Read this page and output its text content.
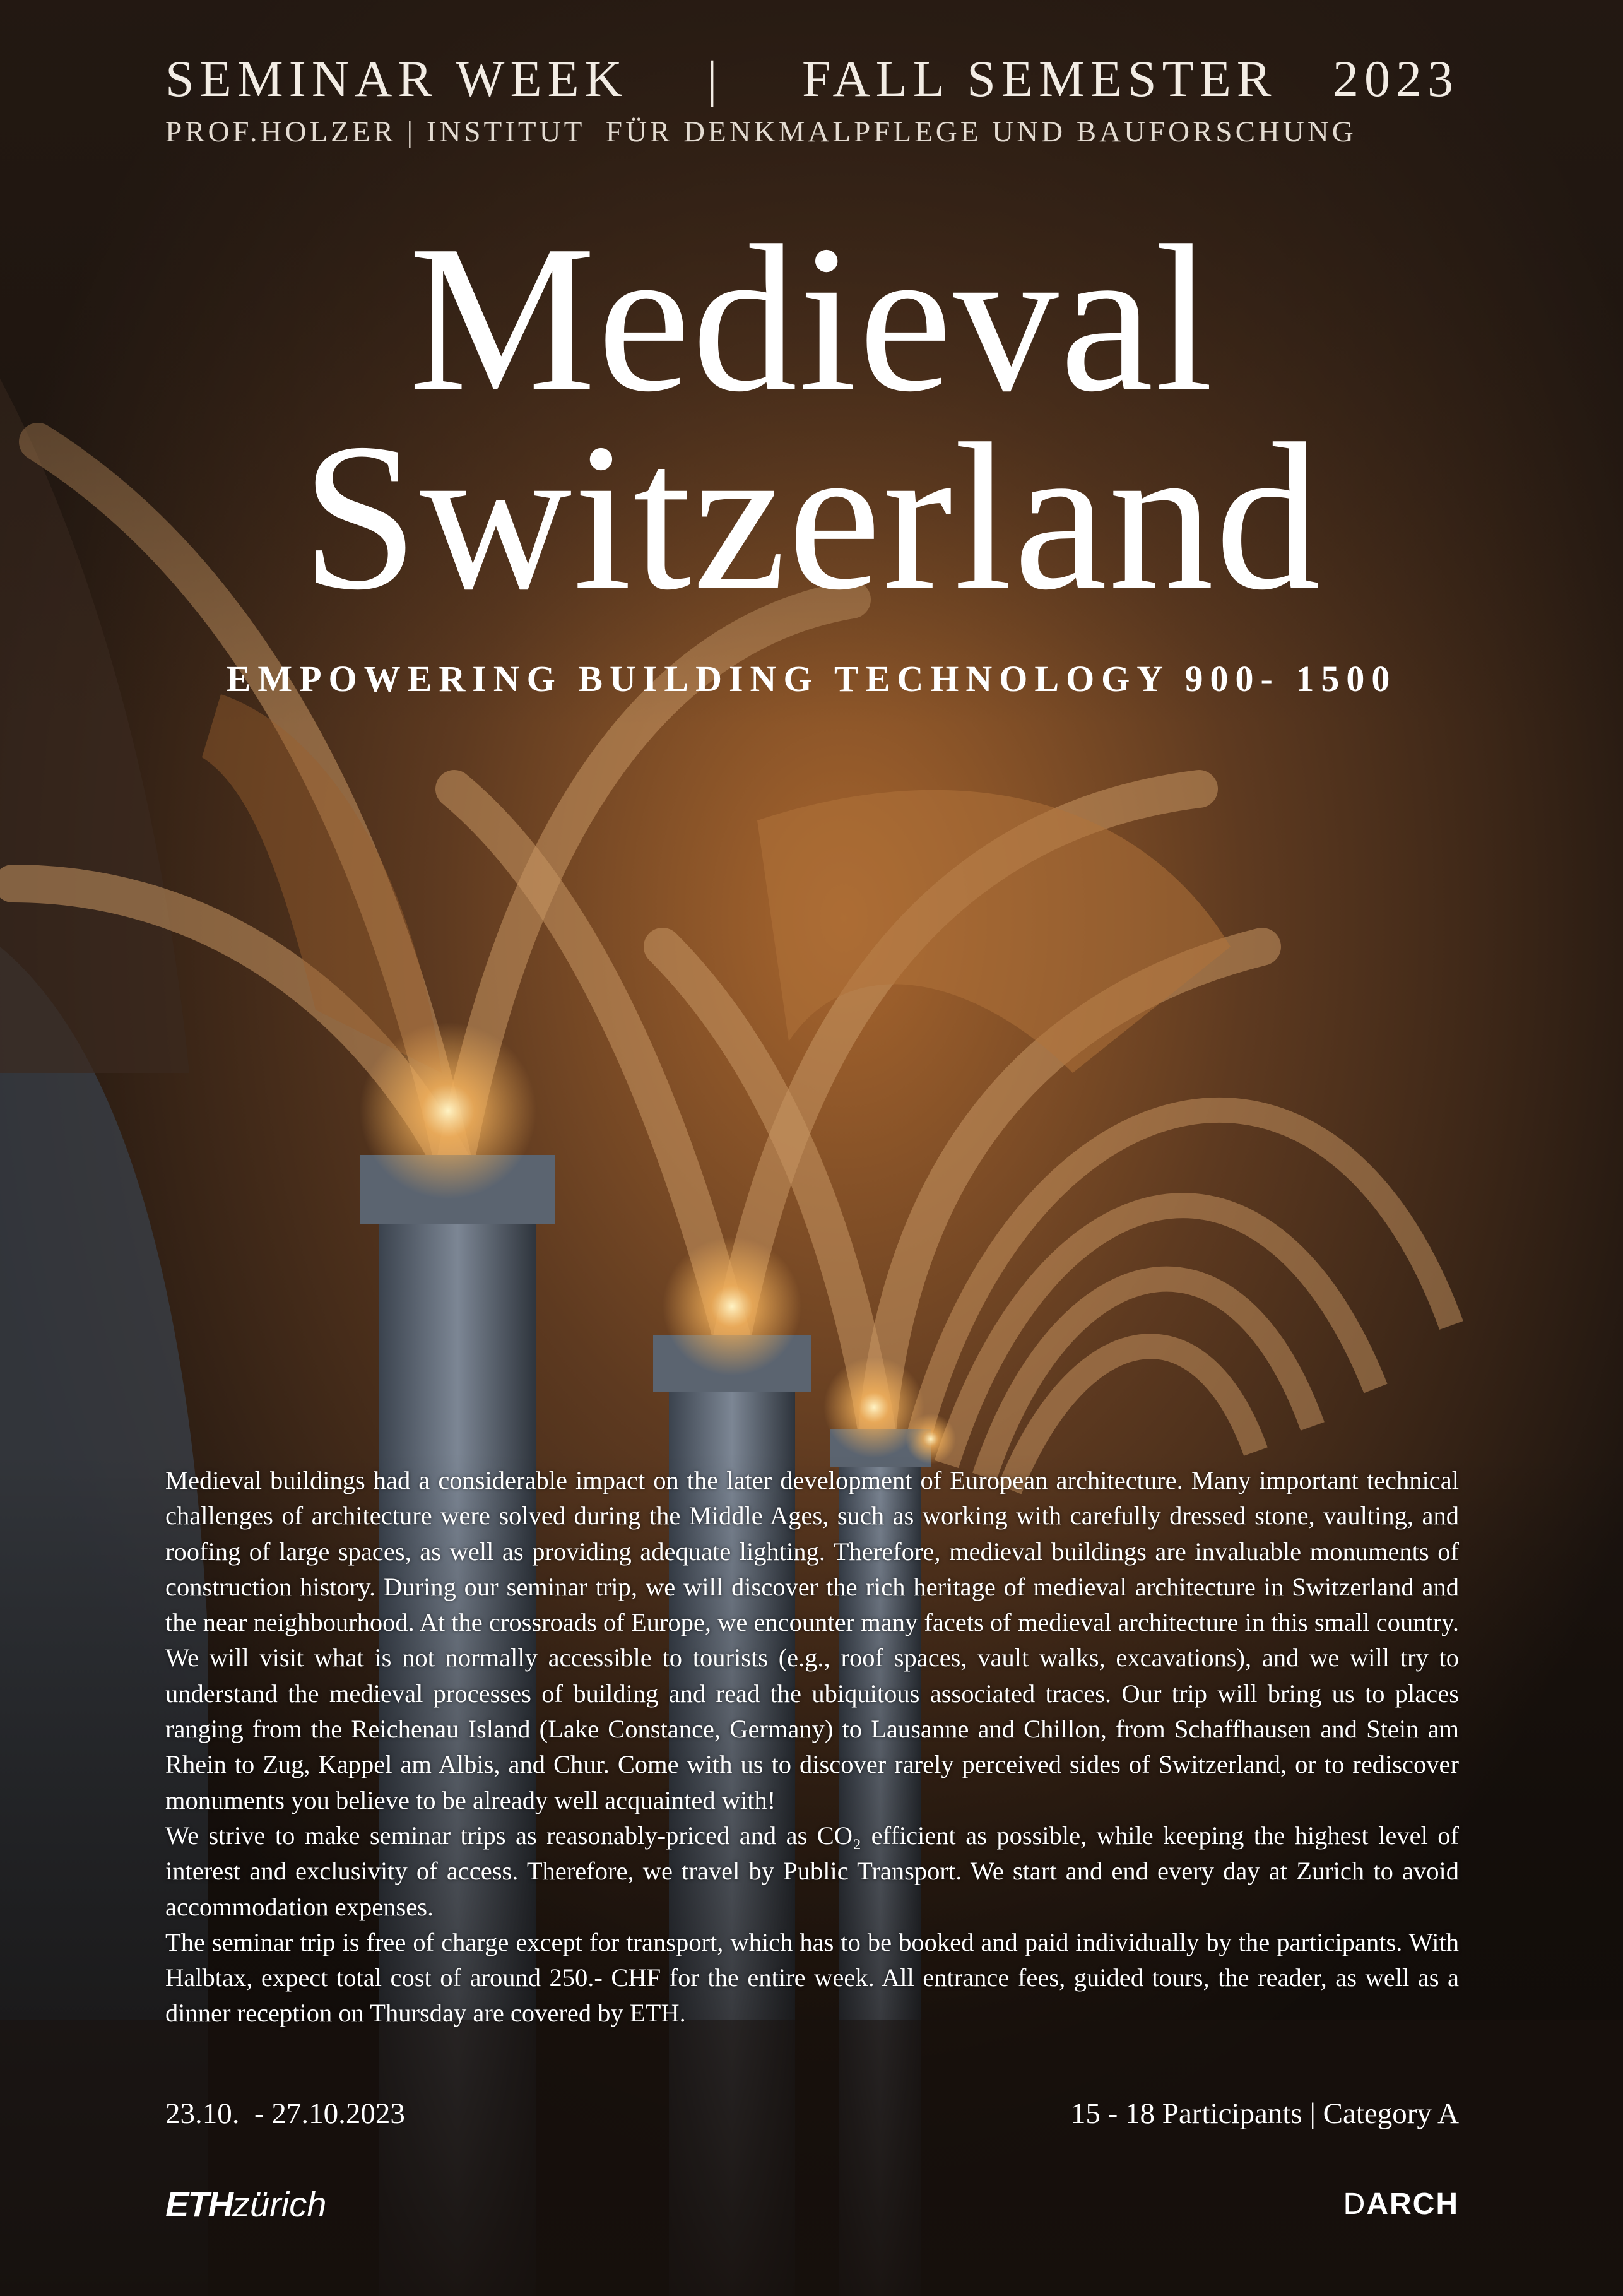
SEMINAR WEEK | FALL SEMESTER   2023
PROF.HOLZER | INSTITUT  FÜR DENKMALPFLEGE UND BAUFORSCHUNG
Medieval
Switzerland
EMPOWERING BUILDING TECHNOLOGY 900- 1500

Medieval buildings had a considerable impact on the later development of European architecture. Many important technical challenges of architecture were solved during the Middle Ages, such as working with carefully dressed stone, vaulting, and roofing of large spaces, as well as providing adequate lighting. Therefore, medieval buildings are invaluable monuments of construction history. During our seminar trip, we will discover the rich heritage of medieval architecture in Switzerland and the near neighbourhood. At the crossroads of Europe, we encounter many facets of medieval architecture in this small country. We will visit what is not normally accessible to tourists (e.g., roof spaces, vault walks, excavations), and we will try to understand the medieval processes of building and read the ubiquitous associated traces. Our trip will bring us to places ranging from the Reichenau Island (Lake Constance, Germany) to Lausanne and Chillon, from Schaffhausen and Stein am Rhein to Zug, Kappel am Albis, and Chur. Come with us to discover rarely perceived sides of Switzerland, or to rediscover monuments you believe to be already well acquainted with!

We strive to make seminar trips as reasonably-priced and as CO₂ efficient as possible, while keeping the highest level of interest and exclusivity of access. Therefore, we travel by Public Transport. We start and end every day at Zurich to avoid accommodation expenses.

The seminar trip is free of charge except for transport, which has to be booked and paid individually by the participants. With Halbtax, expect total cost of around 250.- CHF for the entire week. All entrance fees, guided tours, the reader, as well as a dinner reception on Thursday are covered by ETH.

23.10.  - 27.10.2023	15 - 18 Participants | Category A
ETHzürich	DARCH
